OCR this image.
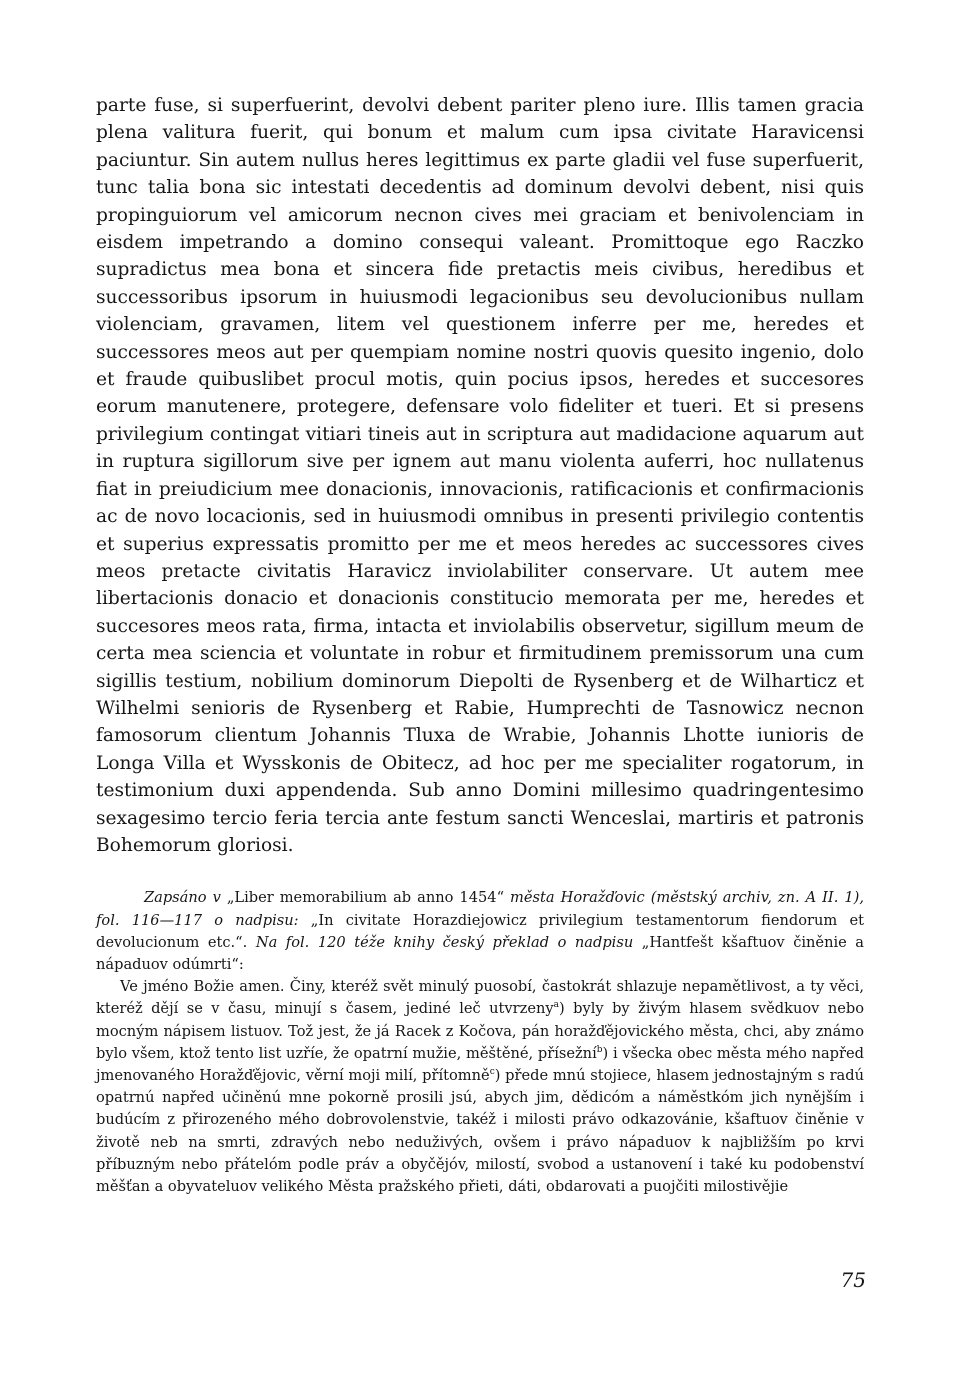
parte fuse, si superfuerint, devolvi debent pariter pleno iure. Illis tamen gracia plena valitura fuerit, qui bonum et malum cum ipsa civitate Haravicensi paciuntur. Sin autem nullus heres legittimus ex parte gladii vel fuse superfuerit, tunc talia bona sic intestati decedentis ad dominum devolvi debent, nisi quis propinguiorum vel amicorum necnon cives mei graciam et benivolenciam in eisdem impetrando a domino consequi valeant. Promittoque ego Raczko supradictus mea bona et sincera fide pretactis meis civibus, heredibus et successoribus ipsorum in huiusmodi legacionibus seu devolucionibus nullam violenciam, gravamen, litem vel questionem inferre per me, heredes et successores meos aut per quempiam nomine nostri quovis quesito ingenio, dolo et fraude quibuslibet procul motis, quin pocius ipsos, heredes et succesores eorum manutenere, protegere, defensare volo fideliter et tueri. Et si presens privilegium contingat vitiari tineis aut in scriptura aut madidacione aquarum aut in ruptura sigillorum sive per ignem aut manu violenta auferri, hoc nullatenus fiat in preiudicium mee donacionis, innovacionis, ratificacionis et confirmacionis ac de novo locacionis, sed in huiusmodi omnibus in presenti privilegio contentis et superius expressatis promitto per me et meos heredes ac successores cives meos pretacte civitatis Haravicz inviolabiliter conservare. Ut autem mee libertacionis donacio et donacionis constitucio memorata per me, heredes et succesores meos rata, firma, intacta et inviolabilis observetur, sigillum meum de certa mea sciencia et voluntate in robur et firmitudinem premissorum una cum sigillis testium, nobilium dominorum Diepolti de Rysenberg et de Wilharticz et Wilhelmi senioris de Rysenberg et Rabie, Humprechti de Tasnowicz necnon famosorum clientum Johannis Tluxa de Wrabie, Johannis Lhotte iunioris de Longa Villa et Wysskonis de Obitecz, ad hoc per me specialiter rogatorum, in testimonium duxi appendenda. Sub anno Domini millesimo quadringentesimo sexagesimo tercio feria tercia ante festum sancti Wenceslai, martiris et patronis Bohemorum gloriosi.

Zapsáno v „Liber memorabilium ab anno 1454“ města Horažďovic (městský archiv, zn. A II. 1), fol. 116—117 o nadpisu: „In civitate Horazdiejowicz privilegium testamentorum fiendorum et devolucionum etc.“. Na fol. 120 téže knihy český překlad o nadpisu „Hantfešt kšaftuov činěnie a nápaduov odúmrti“:

Ve jméno Božie amen. Činy, kteréž svět minulý puosobí, častokrát shlazuje nepamětlivost, a ty věci, kteréž dějí se v času, minují s časem, jediné leč utvrzeny$^a$) byly by živým hlasem svědkuov nebo mocným nápisem listuov. Tož jest, že já Racek z Kočova, pán horažďějovického města, chci, aby známo bylo všem, ktož tento list uzříe, že opatrní mužie, měštěné, přísežní$^b$) i všecka obec města mého napřed jmenovaného Horažďějovic, věrní moji milí, přítomně$^c$) přede mnú stojiece, hlasem jednostajným s radú opatrnú napřed učiněnú mne pokorně prosili jsú, abych jim, dědicóm a náměstkóm jich nynějším i budúcím z přirozeného mého dobrovolenstvie, takéž i milosti právo odkazovánie, kšaftuov činěnie v životě neb na smrti, zdravých nebo neduživých, ovšem i právo nápaduov k najbližším po krvi příbuzným nebo přátelóm podle práv a obyčějóv, milostí, svobod a ustanovení i také ku podobenství měšťan a obyvateluov velikého Města pražského přieti, dáti, obdarovati a puojčiti milostivějie

75
